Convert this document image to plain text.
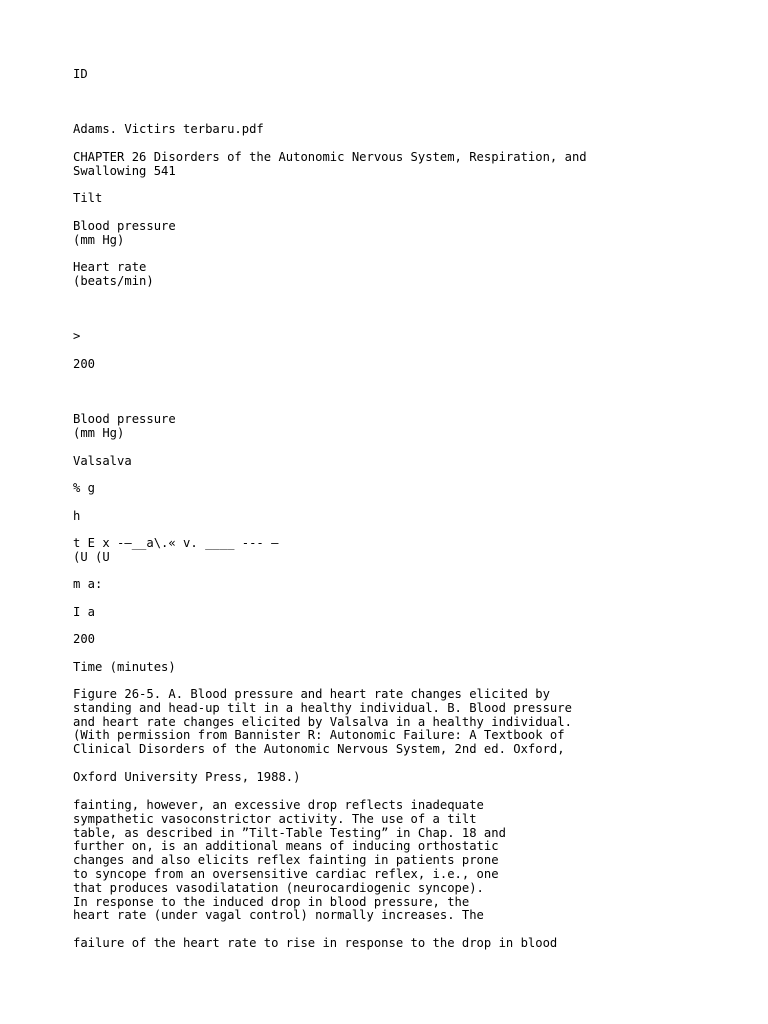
ID

Adams. Victirs terbaru.pdf

CHAPTER 26 Disorders of the Autonomic Nervous System, Respiration, and

Swallowing 541

Tilt

Blood pressure

(mm Hg)

Heart rate

(beats/min)

>

200

Blood pressure

(mm Hg)

Valsalva

% g

h

t E x -—__a\.« v. ____ --- —

(U (U

m a:

I a

200

Time (minutes)

Figure 26-5. A. Blood pressure and heart rate changes elicited by

standing and head-up tilt in a healthy individual. B. Blood pressure

and heart rate changes elicited by Valsalva in a healthy individual.

(With permission from Bannister R: Autonomic Failure: A Textbook of

Clinical Disorders of the Autonomic Nervous System, 2nd ed. Oxford,

Oxford University Press, 1988.)

fainting, however, an excessive drop reflects inadequate

sympathetic vasoconstrictor activity. The use of a tilt

table, as described in ”Tilt-Table Testing” in Chap. 18 and

further on, is an additional means of inducing orthostatic

changes and also elicits reflex fainting in patients prone

to syncope from an oversensitive cardiac reflex, i.e., one

that produces vasodilatation (neurocardiogenic syncope).

In response to the induced drop in blood pressure, the

heart rate (under vagal control) normally increases. The

failure of the heart rate to rise in response to the drop in blood
